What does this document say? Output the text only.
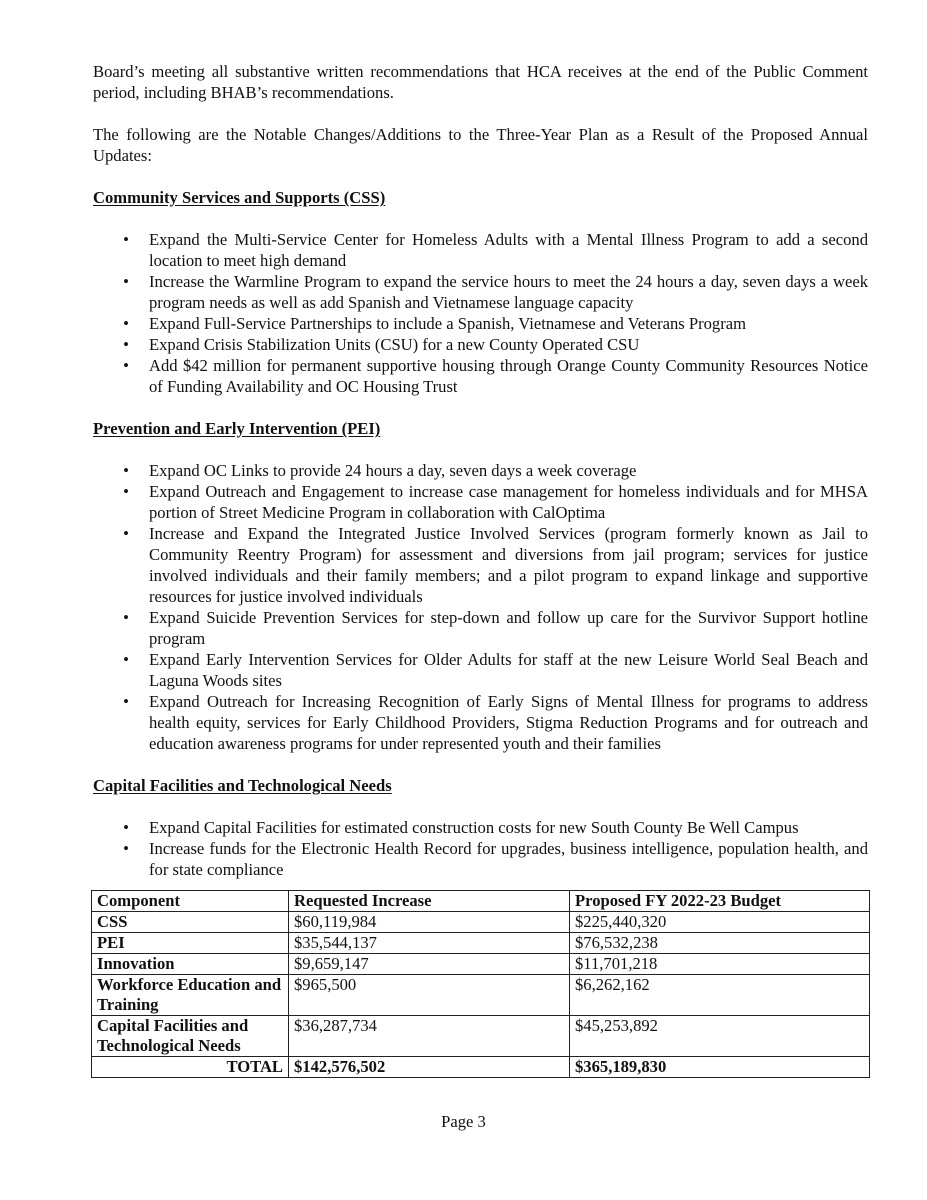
Board’s meeting all substantive written recommendations that HCA receives at the end of the Public Comment period, including BHAB’s recommendations.

The following are the Notable Changes/Additions to the Three-Year Plan as a Result of the Proposed Annual Updates:

Community Services and Supports (CSS)
• Expand the Multi-Service Center for Homeless Adults with a Mental Illness Program to add a second location to meet high demand
• Increase the Warmline Program to expand the service hours to meet the 24 hours a day, seven days a week program needs as well as add Spanish and Vietnamese language capacity
• Expand Full-Service Partnerships to include a Spanish, Vietnamese and Veterans Program
• Expand Crisis Stabilization Units (CSU) for a new County Operated CSU
• Add $42 million for permanent supportive housing through Orange County Community Resources Notice of Funding Availability and OC Housing Trust
Prevention and Early Intervention (PEI)
• Expand OC Links to provide 24 hours a day, seven days a week coverage
• Expand Outreach and Engagement to increase case management for homeless individuals and for MHSA portion of Street Medicine Program in collaboration with CalOptima
• Increase and Expand the Integrated Justice Involved Services (program formerly known as Jail to Community Reentry Program) for assessment and diversions from jail program; services for justice involved individuals and their family members; and a pilot program to expand linkage and supportive resources for justice involved individuals
• Expand Suicide Prevention Services for step-down and follow up care for the Survivor Support hotline program
• Expand Early Intervention Services for Older Adults for staff at the new Leisure World Seal Beach and Laguna Woods sites
• Expand Outreach for Increasing Recognition of Early Signs of Mental Illness for programs to address health equity, services for Early Childhood Providers, Stigma Reduction Programs and for outreach and education awareness programs for under represented youth and their families
Capital Facilities and Technological Needs
• Expand Capital Facilities for estimated construction costs for new South County Be Well Campus
• Increase funds for the Electronic Health Record for upgrades, business intelligence, population health, and for state compliance
Component	Requested Increase	Proposed FY 2022-23 Budget
CSS	$60,119,984	$225,440,320
PEI	$35,544,137	$76,532,238
Innovation	$9,659,147	$11,701,218
Workforce Education and Training	$965,500	$6,262,162
Capital Facilities and Technological Needs	$36,287,734	$45,253,892
TOTAL	$142,576,502	$365,189,830
Page 3
